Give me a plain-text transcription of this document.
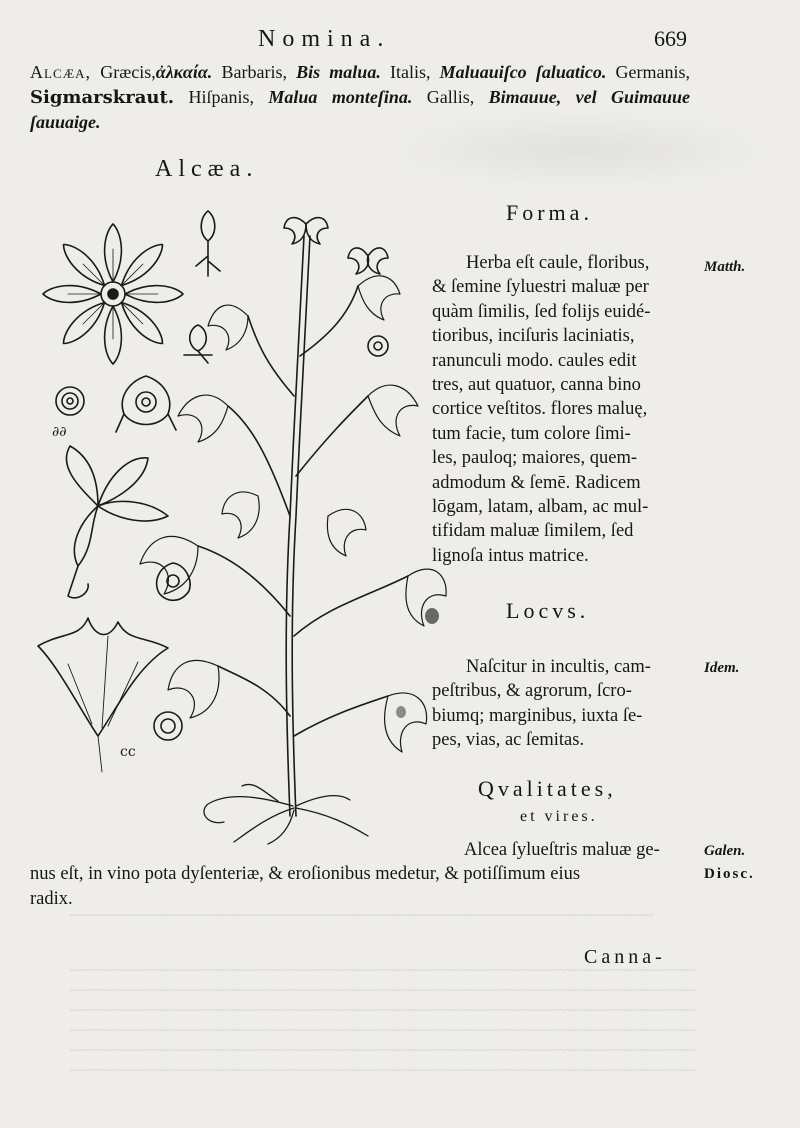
~~~~~~~~~~~~~~~~~~~~~~~~~~~~~~~~~~~~~~~~~~~~~~~~~~~~~~~~~~~~~~~~~~~~~~~~~~~~~~~~~~~
~~~~~~~~~~~~~~~~~~~~~~~~~~~~~~~~~~~~~~~~~~~~~~~~~~~~~~~~~~~~~~~~~~~~~~~~~~~~~~~~~~~~~~~~~
~~~~~~~~~~~~~~~~~~~~~~~~~~~~~~~~~~~~~~~~~~~~~~~~~~~~~~~~~~~~~~~~~~~~~~~~~~~~~~~~~~~~~~~~~
~~~~~~~~~~~~~~~~~~~~~~~~~~~~~~~~~~~~~~~~~~~~~~~~~~~~~~~~~~~~~~~~~~~~~~~~~~~~~~~~~~~~~~~~~
~~~~~~~~~~~~~~~~~~~~~~~~~~~~~~~~~~~~~~~~~~~~~~~~~~~~~~~~~~~~~~~~~~~~~~~~~~~~~~~~~~~~~~~~~
~~~~~~~~~~~~~~~~~~~~~~~~~~~~~~~~~~~~~~~~~~~~~~~~~~~~~~~~~~~~~~~~~~~~~~~~~~~~~~~~~~~~~~~~~
~~~~~~~~~~~~~~~~~~~~~~~~~~~~~~~~~~~~~~~~~~~~~~~~~~~~~~~~~~~~~~~~~~~~~~~~~~~~~~~~~~~~~~~~~
Nomina.	669
Alcæa, Græcis,ἀλκαία. Barbaris, Bis malua. Italis, Maluauiſco ſaluatico. Germanis, Sigmarskraut. Hiſpanis, Malua monteſina. Gallis, Bimauue, vel Guimauue ſauuaige.
Alcæa.
∂∂
ϲϲ
Forma.
Herba eſt caule, floribus,
& ſemine ſyluestri maluæ per
quàm ſimilis, ſed folijs euidé-
tioribus, inciſuris laciniatis,
ranunculi modo. caules edit
tres, aut quatuor, canna bino
cortice veſtitos. flores maluę,
tum facie, tum colore ſimi-
les, pauloq; maiores, quem-
admodum & ſemē. Radicem
lōgam, latam, albam, ac mul-
tifidam maluæ ſimilem, ſed
lignoſa intus matrice.
Matth.
Locvs.
Naſcitur in incultis, cam-
peſtribus, & agrorum, ſcro-
biumq; marginibus, iuxta ſe-
pes, vias, ac ſemitas.
Idem.
Qvalitates,
et vires.
Alcea ſylueſtris maluæ ge-
nus eſt, in vino pota dyſenteriæ, & eroſionibus medetur, & potiſſimum eius
radix.
Galen.
Diosc.
Canna-
